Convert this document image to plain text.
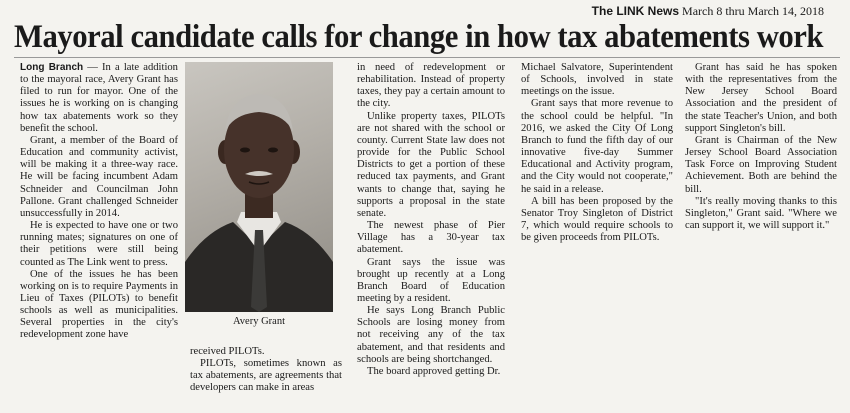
The LINK News March 8 thru March 14, 2018
Mayoral candidate calls for change in how tax abatements work

Long Branch — In a late addition to the mayoral race, Avery Grant has filed to run for mayor. One of the issues he is working on is changing how tax abatements work so they benefit the school.

Grant, a member of the Board of Education and community activist, will be making it a three-way race. He will be facing incumbent Adam Schneider and Councilman John Pallone. Grant challenged Schneider unsuccessfully in 2014.

He is expected to have one or two running mates; signatures on one of their petitions were still being counted as The Link went to press.

One of the issues he has been working on is to require Payments in Lieu of Taxes (PILOTs) to benefit schools as well as municipalities. Several properties in the city's redevelopment zone have

Avery Grant

received PILOTs.

PILOTs, sometimes known as tax abatements, are agreements that developers can make in areas

in need of redevelopment or rehabilitation. Instead of property taxes, they pay a certain amount to the city.

Unlike property taxes, PILOTs are not shared with the school or county. Current State law does not provide for the Public School Districts to get a portion of these reduced tax payments, and Grant wants to change that, saying he supports a proposal in the state senate.

The newest phase of Pier Village has a 30-year tax abatement.

Grant says the issue was brought up recently at a Long Branch Board of Education meeting by a resident.

He says Long Branch Public Schools are losing money from not receiving any of the tax abatement, and that residents and schools are being shortchanged.

The board approved getting Dr.

Michael Salvatore, Superintendent of Schools, involved in state meetings on the issue.

Grant says that more revenue to the school could be helpful. "In 2016, we asked the City Of Long Branch to fund the fifth day of our innovative five-day Summer Educational and Activity program, and the City would not cooperate," he said in a release.

A bill has been proposed by the Senator Troy Singleton of District 7, which would require schools to be given proceeds from PILOTs.

Grant has said he has spoken with the representatives from the New Jersey School Board Association and the president of the state Teacher's Union, and both support Singleton's bill.

Grant is Chairman of the New Jersey School Board Association Task Force on Improving Student Achievement. Both are behind the bill.

"It's really moving thanks to this Singleton," Grant said. "Where we can support it, we will support it."
